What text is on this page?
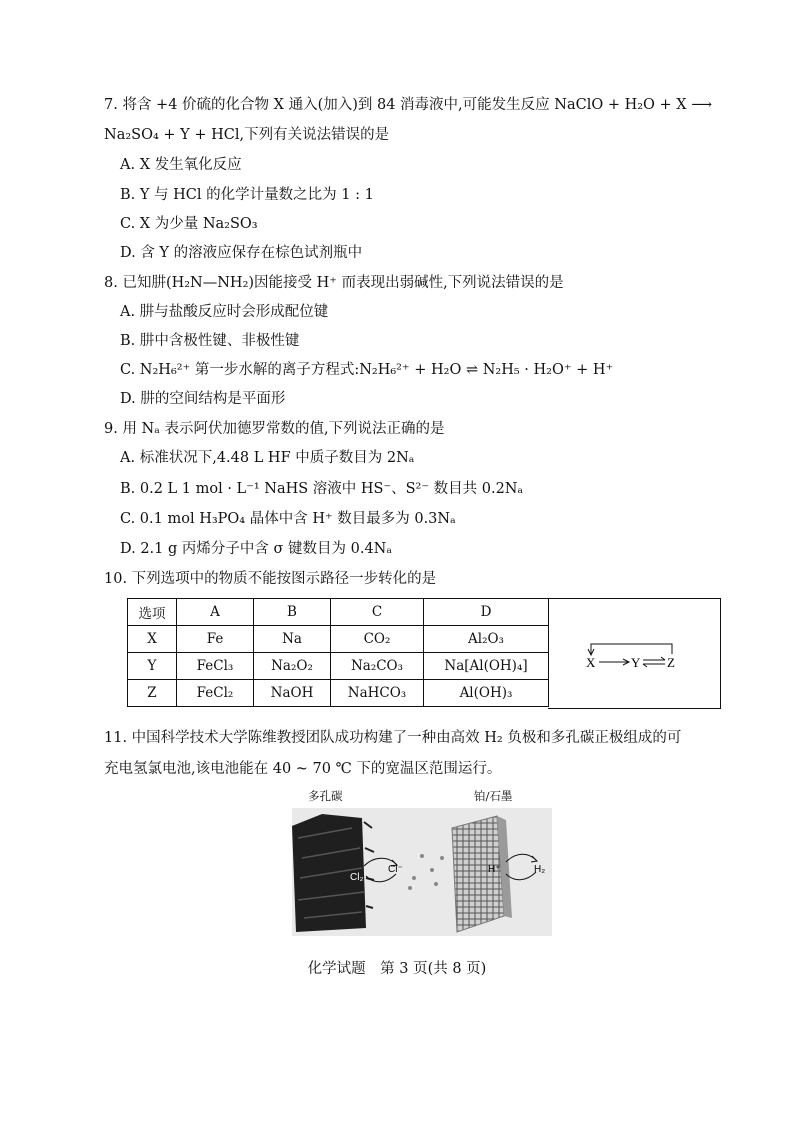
7. 将含 +4 价硫的化合物 X 通入(加入)到 84 消毒液中,可能发生反应 NaClO + H₂O + X ⟶
Na₂SO₄ + Y + HCl,下列有关说法错误的是
A. X 发生氧化反应
B. Y 与 HCl 的化学计量数之比为 1 : 1
C. X 为少量 Na₂SO₃
D. 含 Y 的溶液应保存在棕色试剂瓶中
8. 已知肼(H₂N—NH₂)因能接受 H⁺ 而表现出弱碱性,下列说法错误的是
A. 肼与盐酸反应时会形成配位键
B. 肼中含极性键、非极性键
C. N₂H₆²⁺ 第一步水解的离子方程式:N₂H₆²⁺ + H₂O ⇌ N₂H₅ · H₂O⁺ + H⁺
D. 肼的空间结构是平面形
9. 用 Nₐ 表示阿伏加德罗常数的值,下列说法正确的是
A. 标准状况下,4.48 L HF 中质子数目为 2Nₐ
B. 0.2 L 1 mol · L⁻¹ NaHS 溶液中 HS⁻、S²⁻ 数目共 0.2Nₐ
C. 0.1 mol H₃PO₄ 晶体中含 H⁺ 数目最多为 0.3Nₐ
D. 2.1 g 丙烯分子中含 σ 键数目为 0.4Nₐ
10. 下列选项中的物质不能按图示路径一步转化的是
选项	A	B	C	D
X	Fe	Na	CO₂	Al₂O₃
Y	FeCl₃	Na₂O₂	Na₂CO₃	Na[Al(OH)₄]
Z	FeCl₂	NaOH	NaHCO₃	Al(OH)₃
X	Y Z
11. 中国科学技术大学陈维教授团队成功构建了一种由高效 H₂ 负极和多孔碳正极组成的可
充电氢氯电池,该电池能在 40 ~ 70 ℃ 下的宽温区范围运行。
多孔碳	铂/石墨
Cl₂
Cl⁻	H⁺	H₂
化学试题　第 3 页(共 8 页)
